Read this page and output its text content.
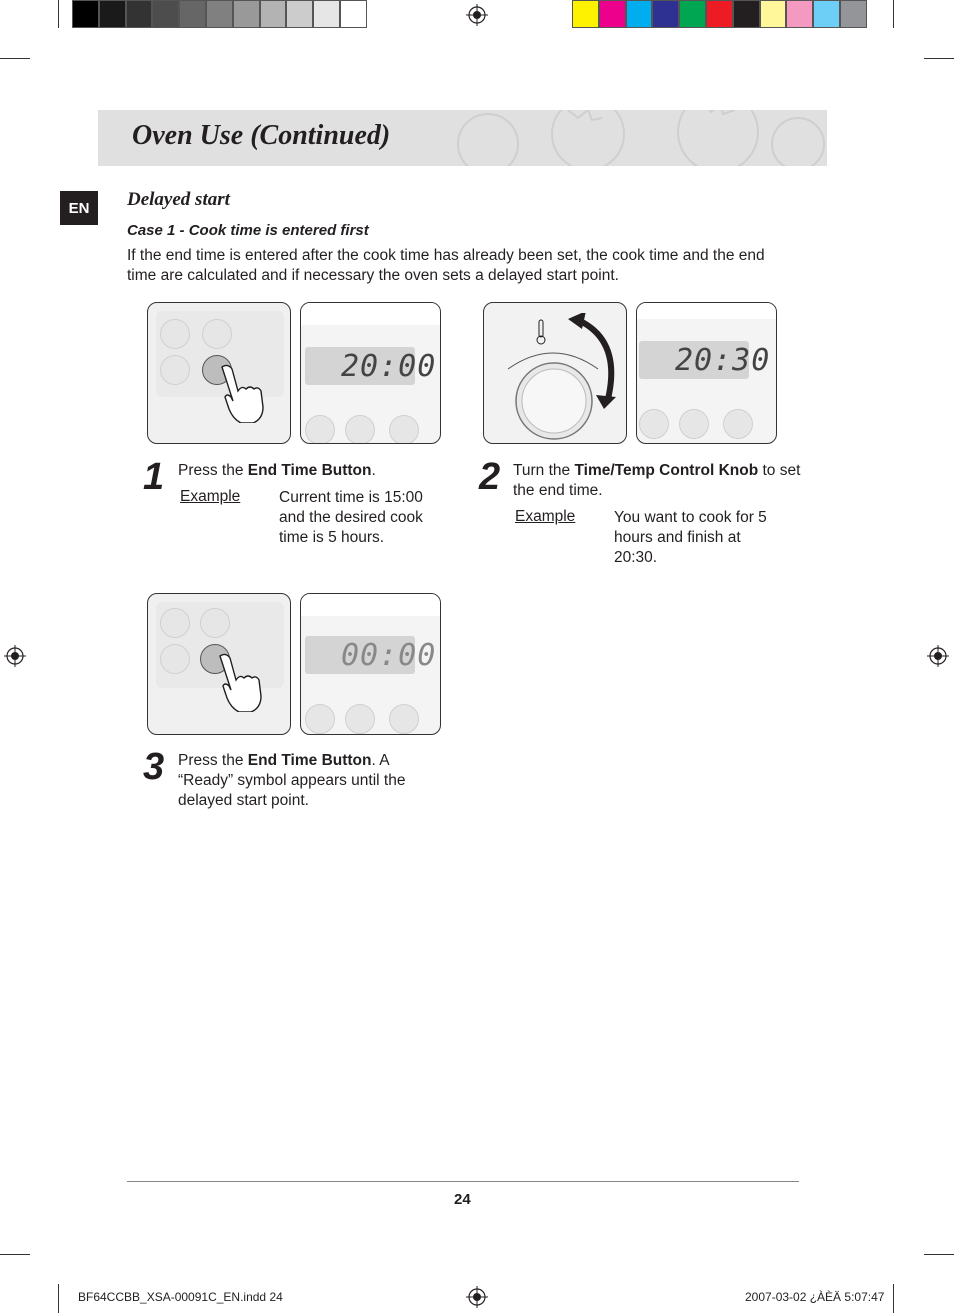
Oven Use (Continued)
EN	Delayed start
Case 1 - Cook time is entered first
If the end time is entered after the cook time has already been set, the cook time and the end time are calculated and if necessary the oven sets a delayed start point.
20:00
1 Press the End Time Button.
Example Current time is 15:00 and the desired cook time is 5 hours.
20:30
2 Turn the Time/Temp Control Knob to set the end time.
Example You want to cook for 5 hours and finish at 20:30.
00:00
3 Press the End Time Button. A “Ready” symbol appears until the delayed start point.
24
BF64CCBB_XSA-00091C_EN.indd 24	2007-03-02 ¿ÀÈÄ 5:07:47
